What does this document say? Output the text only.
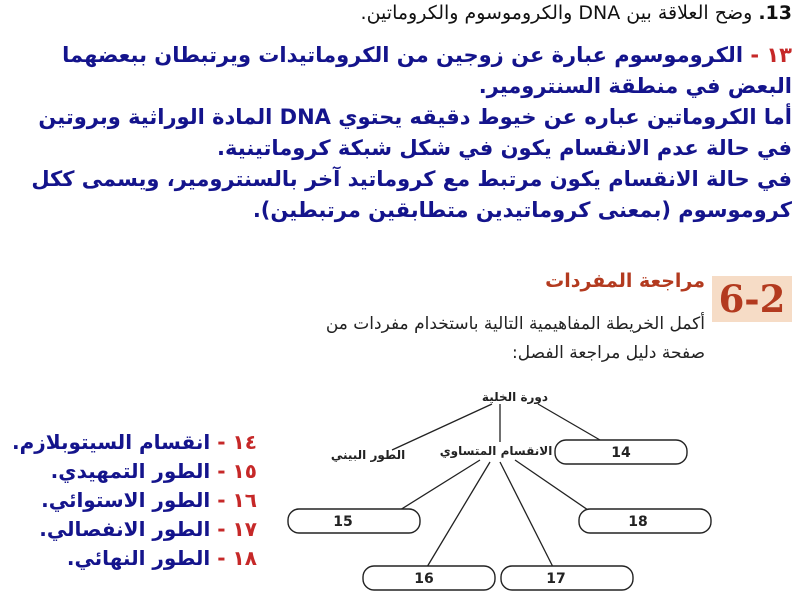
13. وضح العلاقة بين DNA والكروموسوم والكروماتين.

١٣ - الكروموسوم عبارة عن زوجين من الكروماتيدات ويرتبطان ببعضهما البعض في منطقة السنترومير.

أما الكروماتين عباره عن خيوط دقيقه يحتوي DNA المادة الوراثية وبروتين في حالة عدم الانقسام يكون في شكل شبكة كروماتينية.

في حالة الانقسام يكون مرتبط مع كروماتيد آخر بالسنترومير، ويسمى ككل كروموسوم (بمعنى كروماتيدين متطابقين مرتبطين).

6-2
مراجعة المفردات
أكمل الخريطة المفاهيمية التالية باستخدام مفردات من
صفحة دليل مراجعة الفصل:
دورة الخلية
الطور البيني	الانقسام المتساوي	14
15	18
16	17
١٤ - انقسام السيتوبلازم.
١٥ - الطور التمهيدي.
١٦ - الطور الاستوائي.
١٧ - الطور الانفصالي.
١٨ - الطور النهائي.
